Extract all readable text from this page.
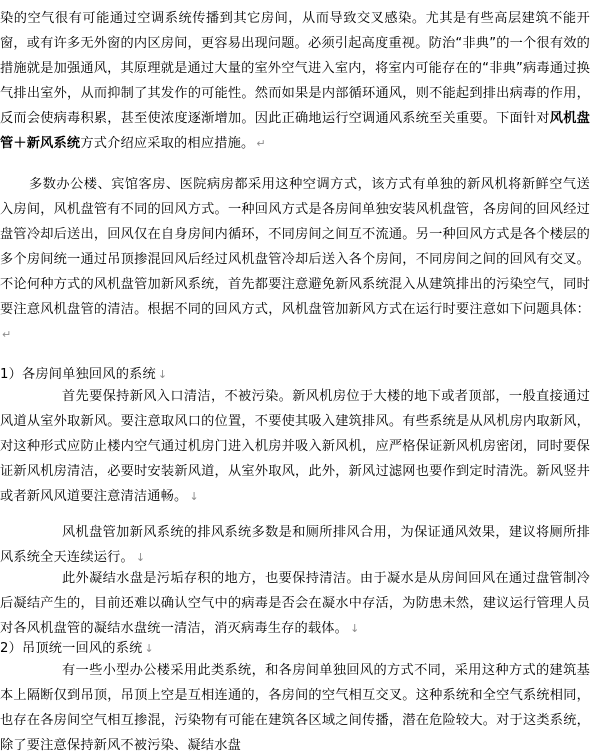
染的空气很有可能通过空调系统传播到其它房间，从而导致交叉感染。尤其是有些高层建筑不能开窗，或有许多无外窗的内区房间，更容易出现问题。必须引起高度重视。防治“非典”的一个很有效的措施就是加强通风，其原理就是通过大量的室外空气进入室内，将室内可能存在的“非典”病毒通过换气排出室外，从而抑制了其发作的可能性。然而如果是内部循环通风，则不能起到排出病毒的作用，反而会使病毒积累，甚至使浓度逐渐增加。因此正确地运行空调通风系统至关重要。下面针对风机盘管＋新风系统方式介绍应采取的相应措施。 ↵

多数办公楼、宾馆客房、医院病房都采用这种空调方式，该方式有单独的新风机将新鲜空气送入房间，风机盘管有不同的回风方式。一种回风方式是各房间单独安装风机盘管，各房间的回风经过盘管冷却后送出，回风仅在自身房间内循环，不同房间之间互不流通。另一种回风方式是各个楼层的多个房间统一通过吊顶掺混回风后经过风机盘管冷却后送入各个房间，不同房间之间的回风有交叉。不论何种方式的风机盘管加新风系统，首先都要注意避免新风系统混入从建筑排出的污染空气，同时要注意风机盘管的清洁。根据不同的回风方式，风机盘管加新风方式在运行时要注意如下问题具体：↵

1）各房间单独回风的系统 ↓

首先要保持新风入口清洁，不被污染。新风机房位于大楼的地下或者顶部，一般直接通过风道从室外取新风。要注意取风口的位置，不要使其吸入建筑排风。有些系统是从风机房内取新风，对这种形式应防止楼内空气通过机房门进入机房并吸入新风机，应严格保证新风机房密闭，同时要保证新风机房清洁，必要时安装新风道，从室外取风，此外，新风过滤网也要作到定时清洗。新风竖井或者新风风道要注意清洁通畅。 ↓

风机盘管加新风系统的排风系统多数是和厕所排风合用，为保证通风效果，建议将厕所排风系统全天连续运行。 ↓

此外凝结水盘是污垢存积的地方，也要保持清洁。由于凝水是从房间回风在通过盘管制冷后凝结产生的，目前还难以确认空气中的病毒是否会在凝水中存活，为防患未然，建议运行管理人员对各风机盘管的凝结水盘统一清洁，消灭病毒生存的载体。 ↓

2）吊顶统一回风的系统 ↓

有一些小型办公楼采用此类系统，和各房间单独回风的方式不同，采用这种方式的建筑基本上隔断仅到吊顶，吊顶上空是互相连通的，各房间的空气相互交叉。这种系统和全空气系统相同，也存在各房间空气相互掺混，污染物有可能在建筑各区域之间传播，潜在危险较大。对于这类系统，除了要注意保持新风不被污染、凝结水盘
